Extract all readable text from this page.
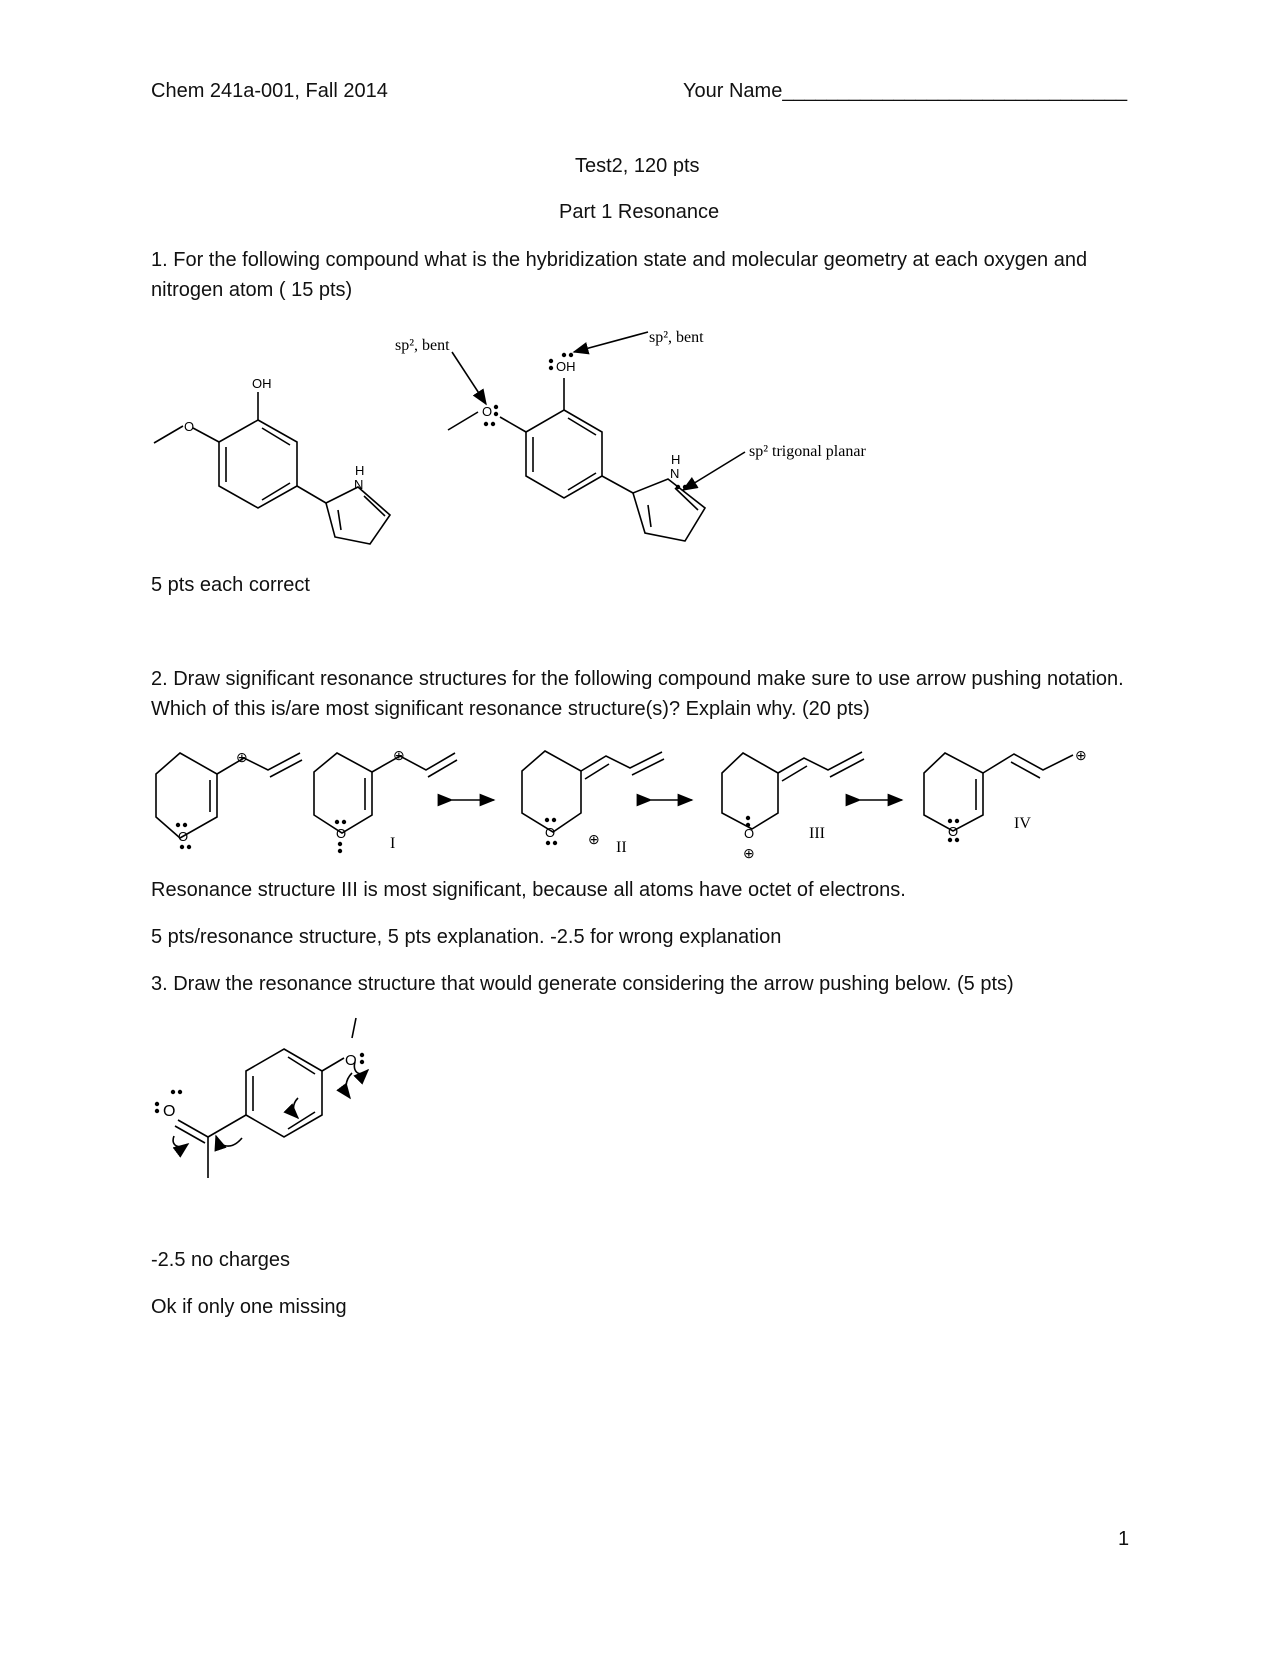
Chem 241a-001, Fall 2014	Your Name_______________________________
Test2, 120 pts
Part 1 Resonance
1. For the following compound what is the hybridization state and molecular geometry at each oxygen and nitrogen atom ( 15 pts)
5 pts each correct
2. Draw significant resonance structures for the following compound make sure to use arrow pushing notation. Which of this is/are most significant resonance structure(s)? Explain why. (20 pts)
Resonance structure III is most significant, because all atoms have octet of electrons.
5 pts/resonance structure, 5 pts explanation. -2.5 for wrong explanation
3. Draw the resonance structure that would generate considering the arrow pushing below. (5 pts)
-2.5 no charges
Ok if only one missing
1
OH
O
H
N
OH
O
H
N
sp², bent	sp², bent
sp² trigonal planar
O	O	O	O	O
⊕	⊕
⊕
⊕
⊕
I	II
III
IV
O
O
